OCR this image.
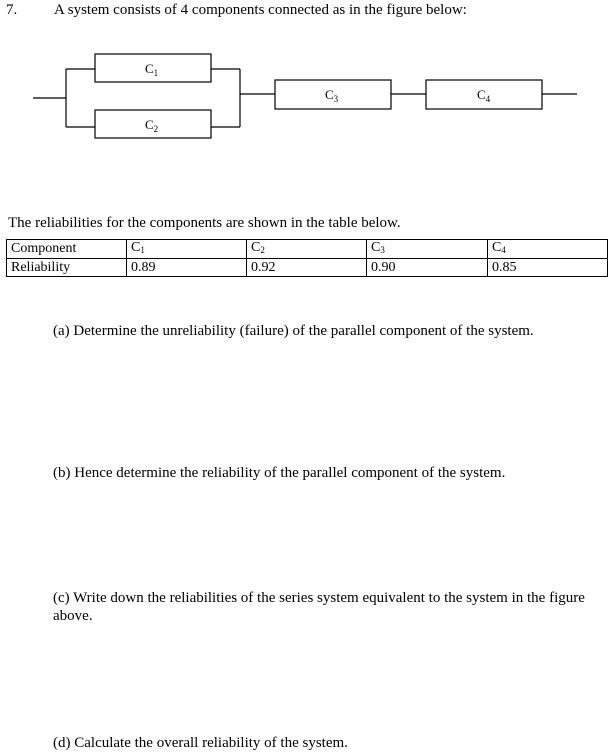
7. A system consists of 4 components connected as in the figure below:
$C_1$
$C_2$
$C_3$	$C_4$
The reliabilities for the components are shown in the table below.
Component	$C_1$	$C_2$	$C_3$	$C_4$
Reliability	0.89	0.92	0.90	0.85
(a) Determine the unreliability (failure) of the parallel component of the system.
(b) Hence determine the reliability of the parallel component of the system.
(c) Write down the reliabilities of the series system equivalent to the system in the figure above.
(d) Calculate the overall reliability of the system.
